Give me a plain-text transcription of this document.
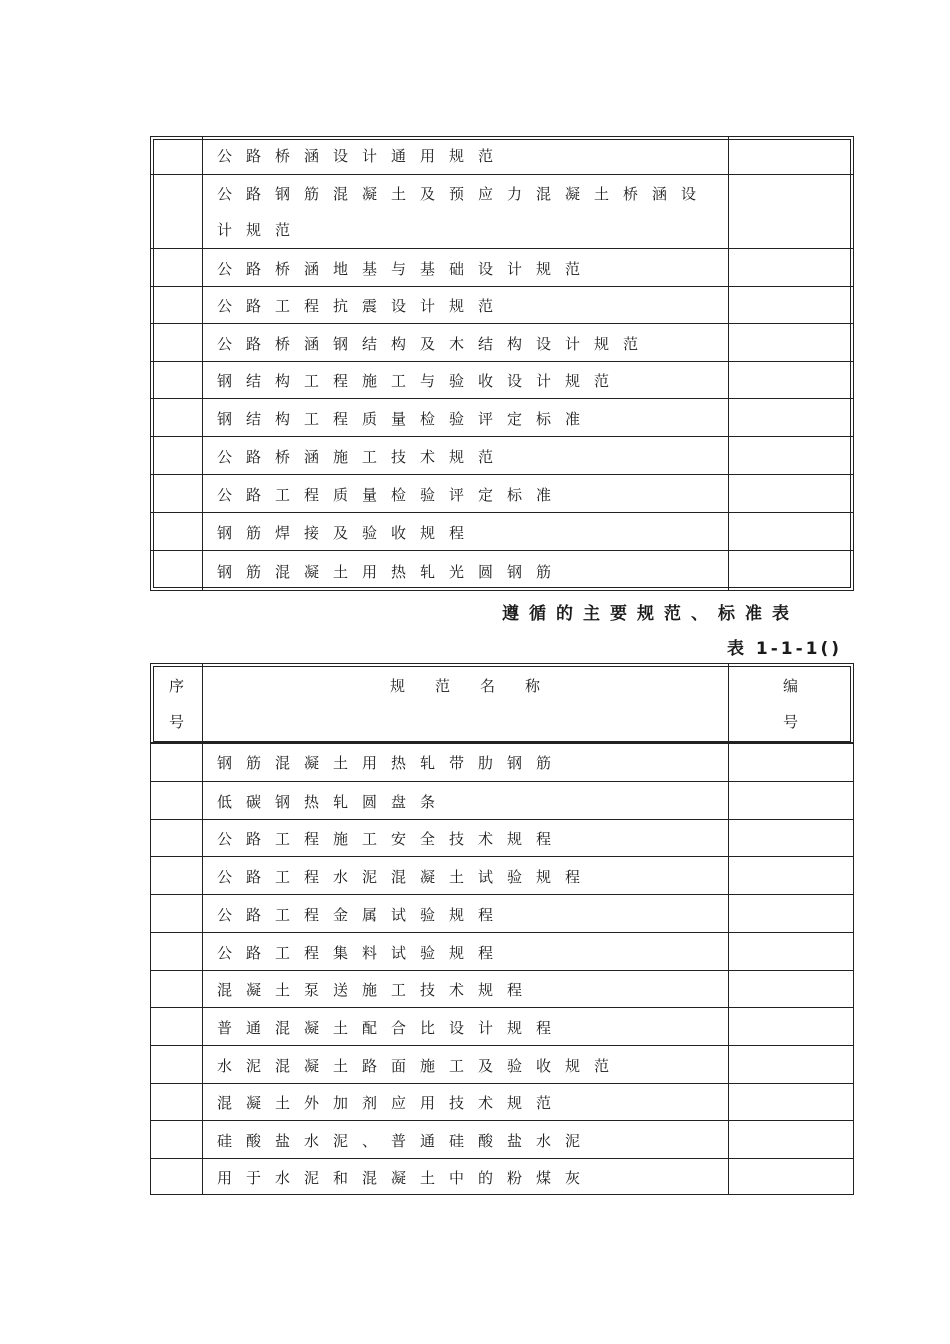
公路桥涵设计通用规范
公路钢筋混凝土及预应力混凝土桥涵设计规范
公路桥涵地基与基础设计规范
公路工程抗震设计规范
公路桥涵钢结构及木结构设计规范
钢结构工程施工与验收设计规范
钢结构工程质量检验评定标准
公路桥涵施工技术规范
公路工程质量检验评定标准
钢筋焊接及验收规程
钢筋混凝土用热轧光圆钢筋
遵循的主要规范、标准表
表 1-1-1()
序
号
规　　范　　名　　称	编
号
钢筋混凝土用热轧带肋钢筋
低碳钢热轧圆盘条
公路工程施工安全技术规程
公路工程水泥混凝土试验规程
公路工程金属试验规程
公路工程集料试验规程
混凝土泵送施工技术规程
普通混凝土配合比设计规程
水泥混凝土路面施工及验收规范
混凝土外加剂应用技术规范
硅酸盐水泥、普通硅酸盐水泥
用于水泥和混凝土中的粉煤灰
